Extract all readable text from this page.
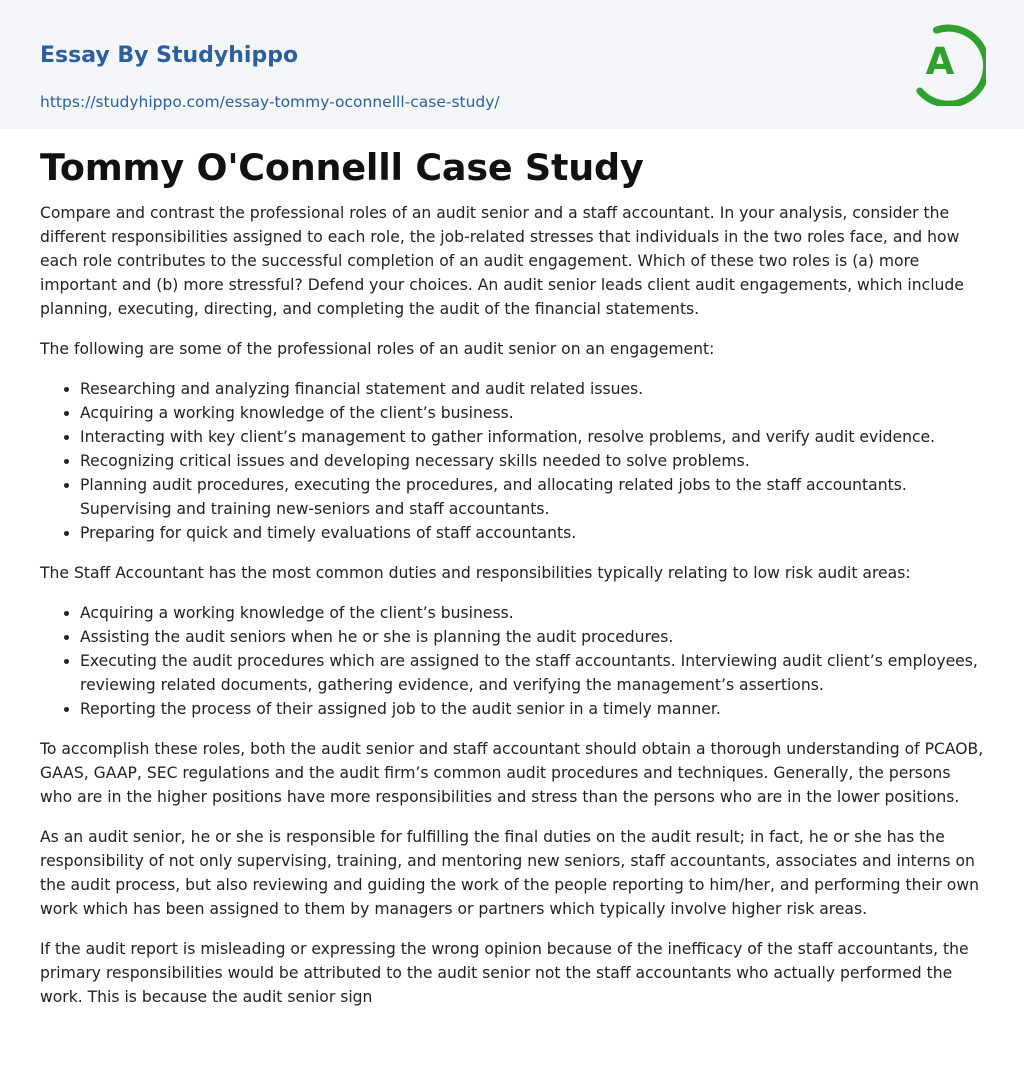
Essay By Studyhippo
https://studyhippo.com/essay-tommy-oconnelll-case-study/
A
Tommy O'Connelll Case Study

Compare and contrast the professional roles of an audit senior and a staff accountant. In your analysis, consider the different responsibilities assigned to each role, the job-related stresses that individuals in the two roles face, and how each role contributes to the successful completion of an audit engagement. Which of these two roles is (a) more important and (b) more stressful? Defend your choices. An audit senior leads client audit engagements, which include planning, executing, directing, and completing the audit of the financial statements.

The following are some of the professional roles of an audit senior on an engagement:

• Researching and analyzing financial statement and audit related issues.
• Acquiring a working knowledge of the client’s business.
• Interacting with key client’s management to gather information, resolve problems, and verify audit evidence.
• Recognizing critical issues and developing necessary skills needed to solve problems.
• Planning audit procedures, executing the procedures, and allocating related jobs to the staff accountants. Supervising and training new-seniors and staff accountants.
• Preparing for quick and timely evaluations of staff accountants.

The Staff Accountant has the most common duties and responsibilities typically relating to low risk audit areas:

• Acquiring a working knowledge of the client’s business.
• Assisting the audit seniors when he or she is planning the audit procedures.
• Executing the audit procedures which are assigned to the staff accountants. Interviewing audit client’s employees, reviewing related documents, gathering evidence, and verifying the management’s assertions.
• Reporting the process of their assigned job to the audit senior in a timely manner.

To accomplish these roles, both the audit senior and staff accountant should obtain a thorough understanding of PCAOB, GAAS, GAAP, SEC regulations and the audit firm’s common audit procedures and techniques. Generally, the persons who are in the higher positions have more responsibilities and stress than the persons who are in the lower positions.

As an audit senior, he or she is responsible for fulfilling the final duties on the audit result; in fact, he or she has the responsibility of not only supervising, training, and mentoring new seniors, staff accountants, associates and interns on the audit process, but also reviewing and guiding the work of the people reporting to him/her, and performing their own work which has been assigned to them by managers or partners which typically involve higher risk areas.

If the audit report is misleading or expressing the wrong opinion because of the inefficacy of the staff accountants, the primary responsibilities would be attributed to the audit senior not the staff accountants who actually performed the work. This is because the audit senior sign
